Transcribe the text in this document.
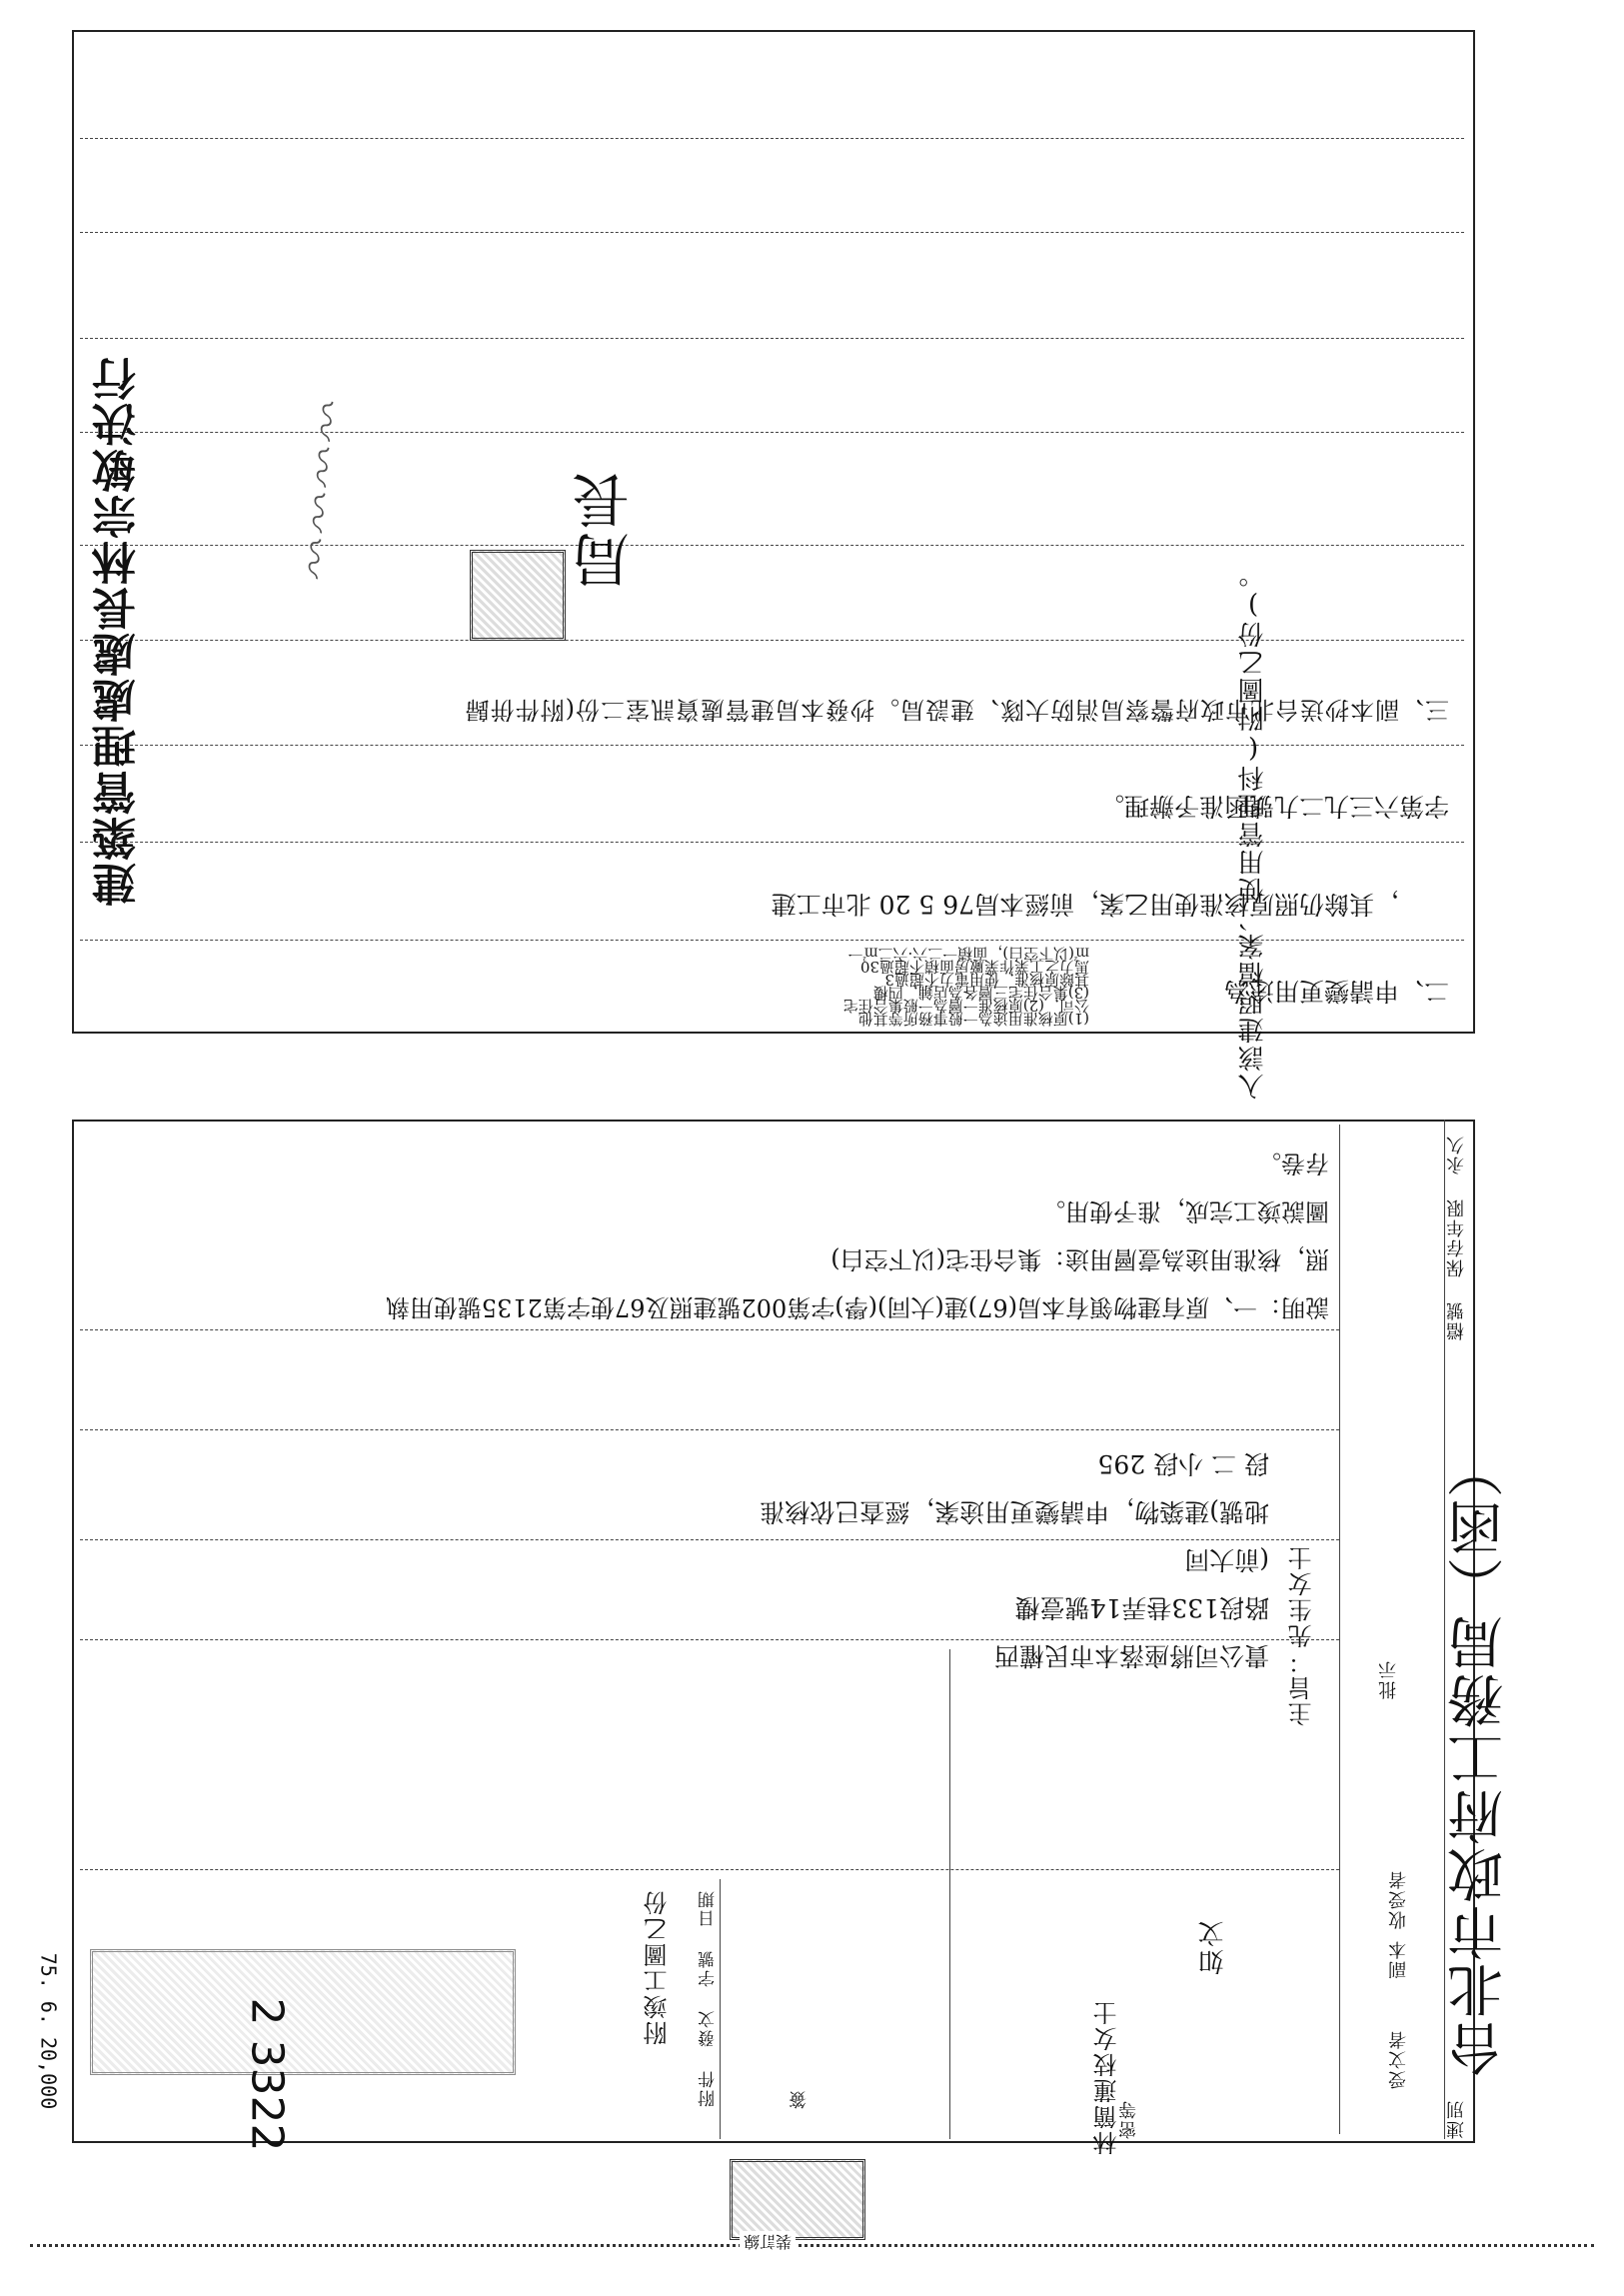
建築管理處處長林宗敏決行	局長
〰〰〰〰
入該建照檔案、使用管理科(附圖乙份)。
三、副本抄送台北市政府警察局消防大隊、建設局。抄發本局建管處資訊室二份(附件併歸
字第六三九二九號函准予辦理。
，其餘仍照原核准使用乙案，前經本局76 5 20 北市工建
二、申請變更用途為
(1)原核准用途為一般事務所等其他
公司，(2)原核准一層為一般集合住宅
(3)集合住宅三層各為店鋪，四樓
其餘原核准，使用電力不超過3
馬力之工業作業廠房面積不超過30
㎡(以下空白)，面積一二六·六二㎡一
台北市政府工務局（函）
檔號 保存年限 永久
受文者
林簡蓮枝女士
副本
收受者
如文
批示
速別
密等
主旨：先生女士
貴公司將座落本市民權西
路段133巷弄14號壹樓
(前大同
地號)建築物，申請變更用途案，經查已依核准
段 二 小段 295
說明：一、原有建物領有本局(67)建(大同)(學)字第002號建照及67使字第2135號使用執
照，核准用途為壹層用途：集合住宅(以下空白)
圖說竣工完成，准予使用。
存卷。
附竣工圖乙份
附件 發文 字號 日期
2 3322
75. 6. 20,000	簽
裝訂線
